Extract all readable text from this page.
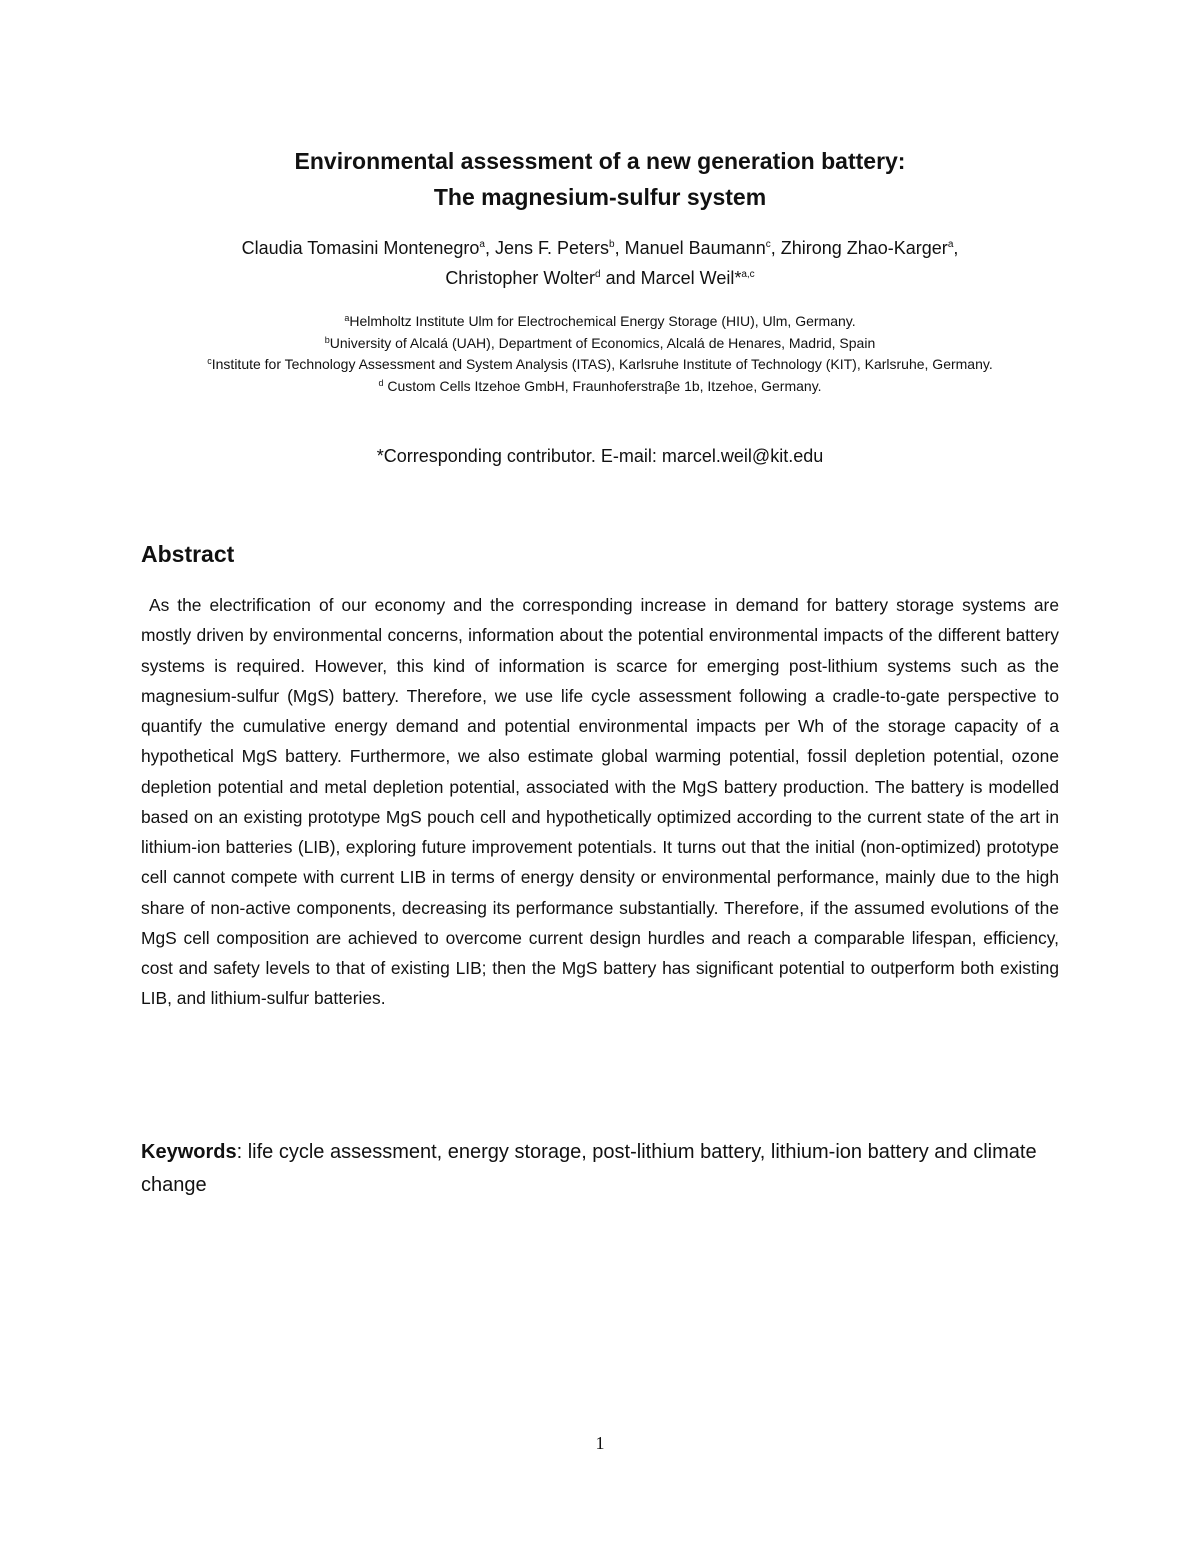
Environmental assessment of a new generation battery:
The magnesium-sulfur system
Claudia Tomasini Montenegro$^a$, Jens F. Peters$^b$, Manuel Baumann$^c$, Zhirong Zhao-Karger$^a$,
Christopher Wolter$^d$ and Marcel Weil*$^{a,c}$
$^a$Helmholtz Institute Ulm for Electrochemical Energy Storage (HIU), Ulm, Germany.
$^b$University of Alcalá (UAH), Department of Economics, Alcalá de Henares, Madrid, Spain
$^c$Institute for Technology Assessment and System Analysis (ITAS), Karlsruhe Institute of Technology (KIT), Karlsruhe, Germany.
$^d$ Custom Cells Itzehoe GmbH, Fraunhoferstraβe 1b, Itzehoe, Germany.
*Corresponding contributor. E-mail: marcel.weil@kit.edu
Abstract

As the electrification of our economy and the corresponding increase in demand for battery storage systems are mostly driven by environmental concerns, information about the potential environmental impacts of the different battery systems is required. However, this kind of information is scarce for emerging post-lithium systems such as the magnesium-sulfur (MgS) battery. Therefore, we use life cycle assessment following a cradle-to-gate perspective to quantify the cumulative energy demand and potential environmental impacts per Wh of the storage capacity of a hypothetical MgS battery. Furthermore, we also estimate global warming potential, fossil depletion potential, ozone depletion potential and metal depletion potential, associated with the MgS battery production. The battery is modelled based on an existing prototype MgS pouch cell and hypothetically optimized according to the current state of the art in lithium-ion batteries (LIB), exploring future improvement potentials. It turns out that the initial (non-optimized) prototype cell cannot compete with current LIB in terms of energy density or environmental performance, mainly due to the high share of non-active components, decreasing its performance substantially. Therefore, if the assumed evolutions of the MgS cell composition are achieved to overcome current design hurdles and reach a comparable lifespan, efficiency, cost and safety levels to that of existing LIB; then the MgS battery has significant potential to outperform both existing LIB, and lithium-sulfur batteries.

Keywords: life cycle assessment, energy storage, post-lithium battery, lithium-ion battery and climate change

1
